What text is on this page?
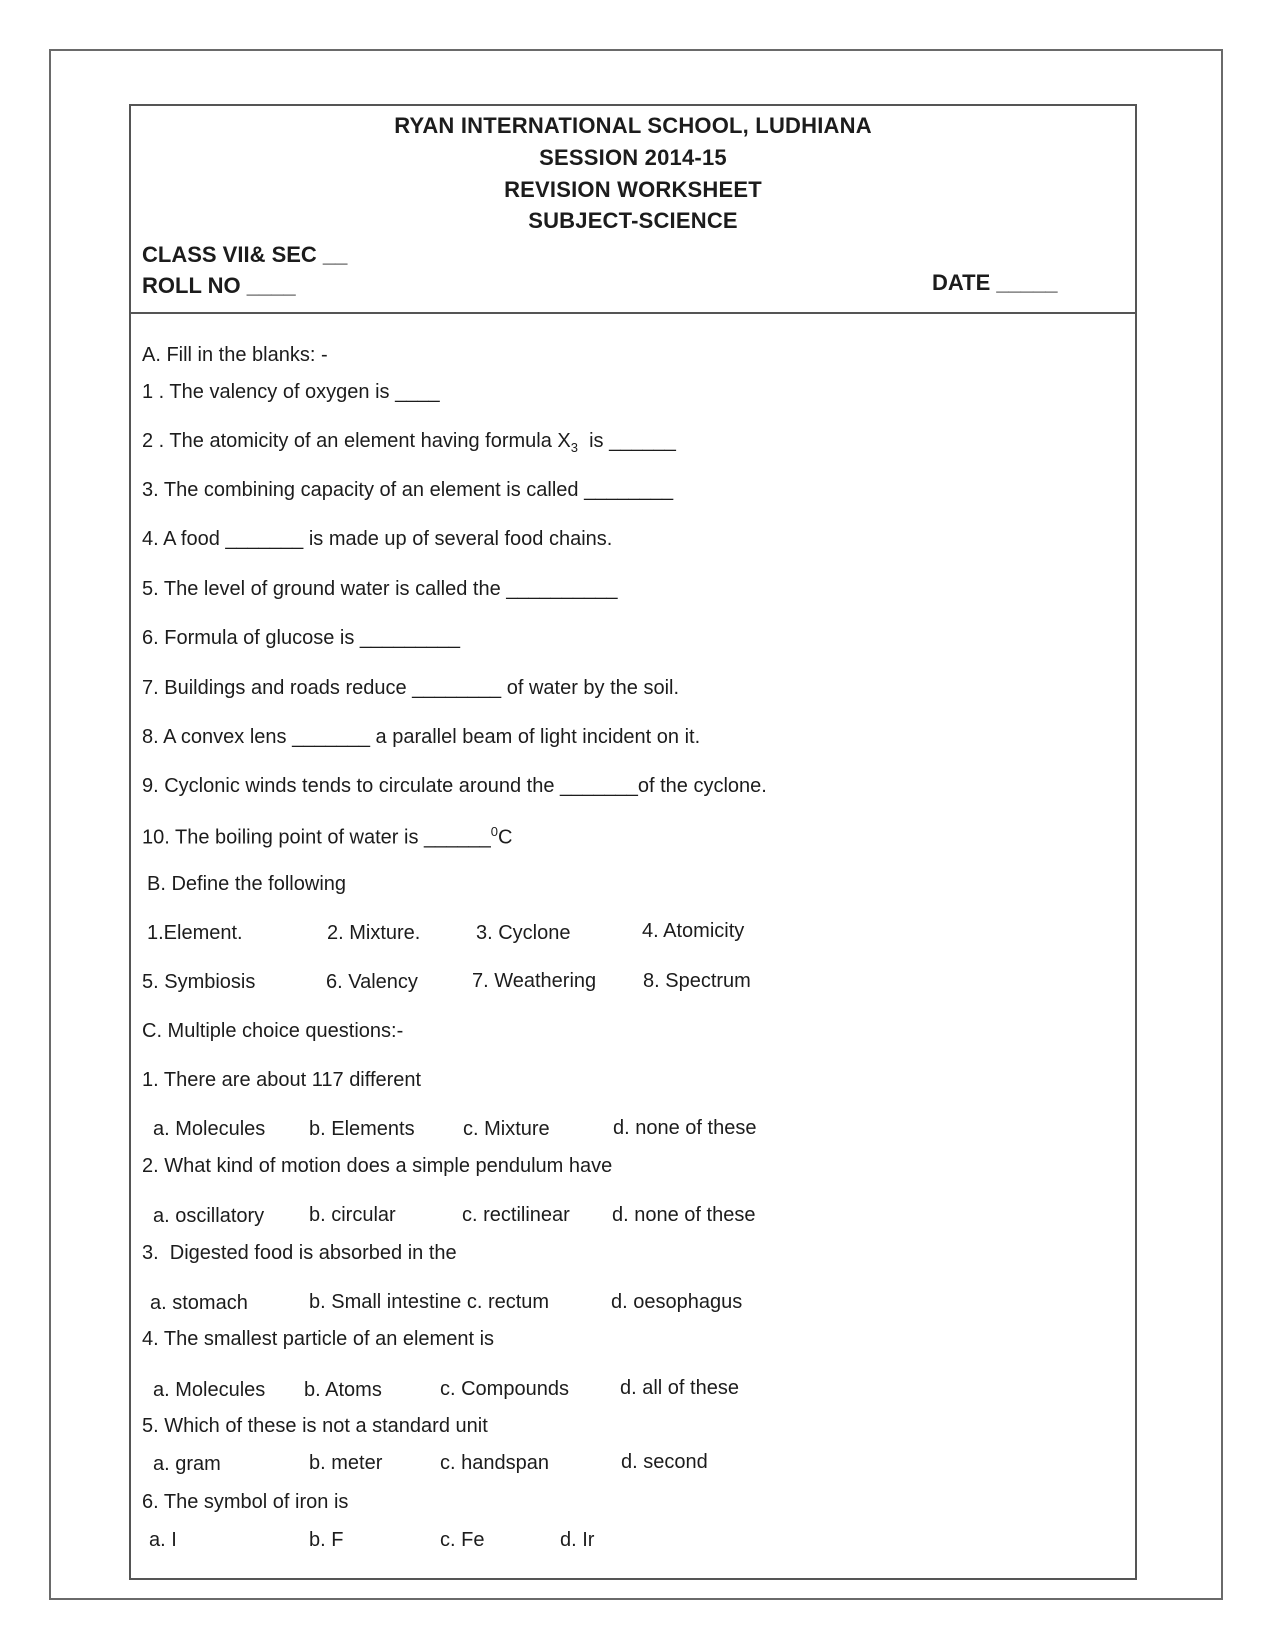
RYAN INTERNATIONAL SCHOOL, LUDHIANA
SESSION 2014-15
REVISION WORKSHEET
SUBJECT-SCIENCE
CLASS VII& SEC __
ROLL NO ____	DATE _____
A. Fill in the blanks: -
1 . The valency of oxygen is ____
2 . The atomicity of an element having formula $X_3$  is ______
3. The combining capacity of an element is called ________
4. A food _______ is made up of several food chains.
5. The level of ground water is called the __________
6. Formula of glucose is _________
7. Buildings and roads reduce ________ of water by the soil.
8. A convex lens _______ a parallel beam of light incident on it.
9. Cyclonic winds tends to circulate around the _______of the cyclone.
10. The boiling point of water is ______$^0$C
B. Define the following
1.Element.	2. Mixture.	3. Cyclone	4. Atomicity
5. Symbiosis	6. Valency	7. Weathering 8. Spectrum
C. Multiple choice questions:-
1. There are about 117 different
a. Molecules b. Elements c. Mixture	d. none of these
2. What kind of motion does a simple pendulum have
a. oscillatory b. circular	c. rectilinear d. none of these
3.  Digested food is absorbed in the
a. stomach	b. Small intestine c. rectum	d. oesophagus
4. The smallest particle of an element is
a. Molecules b. Atoms	c. Compounds	d. all of these
5. Which of these is not a standard unit
a. gram	b. meter	c. handspan	d. second
6. The symbol of iron is
a. I	b. F	c. Fe	d. Ir
